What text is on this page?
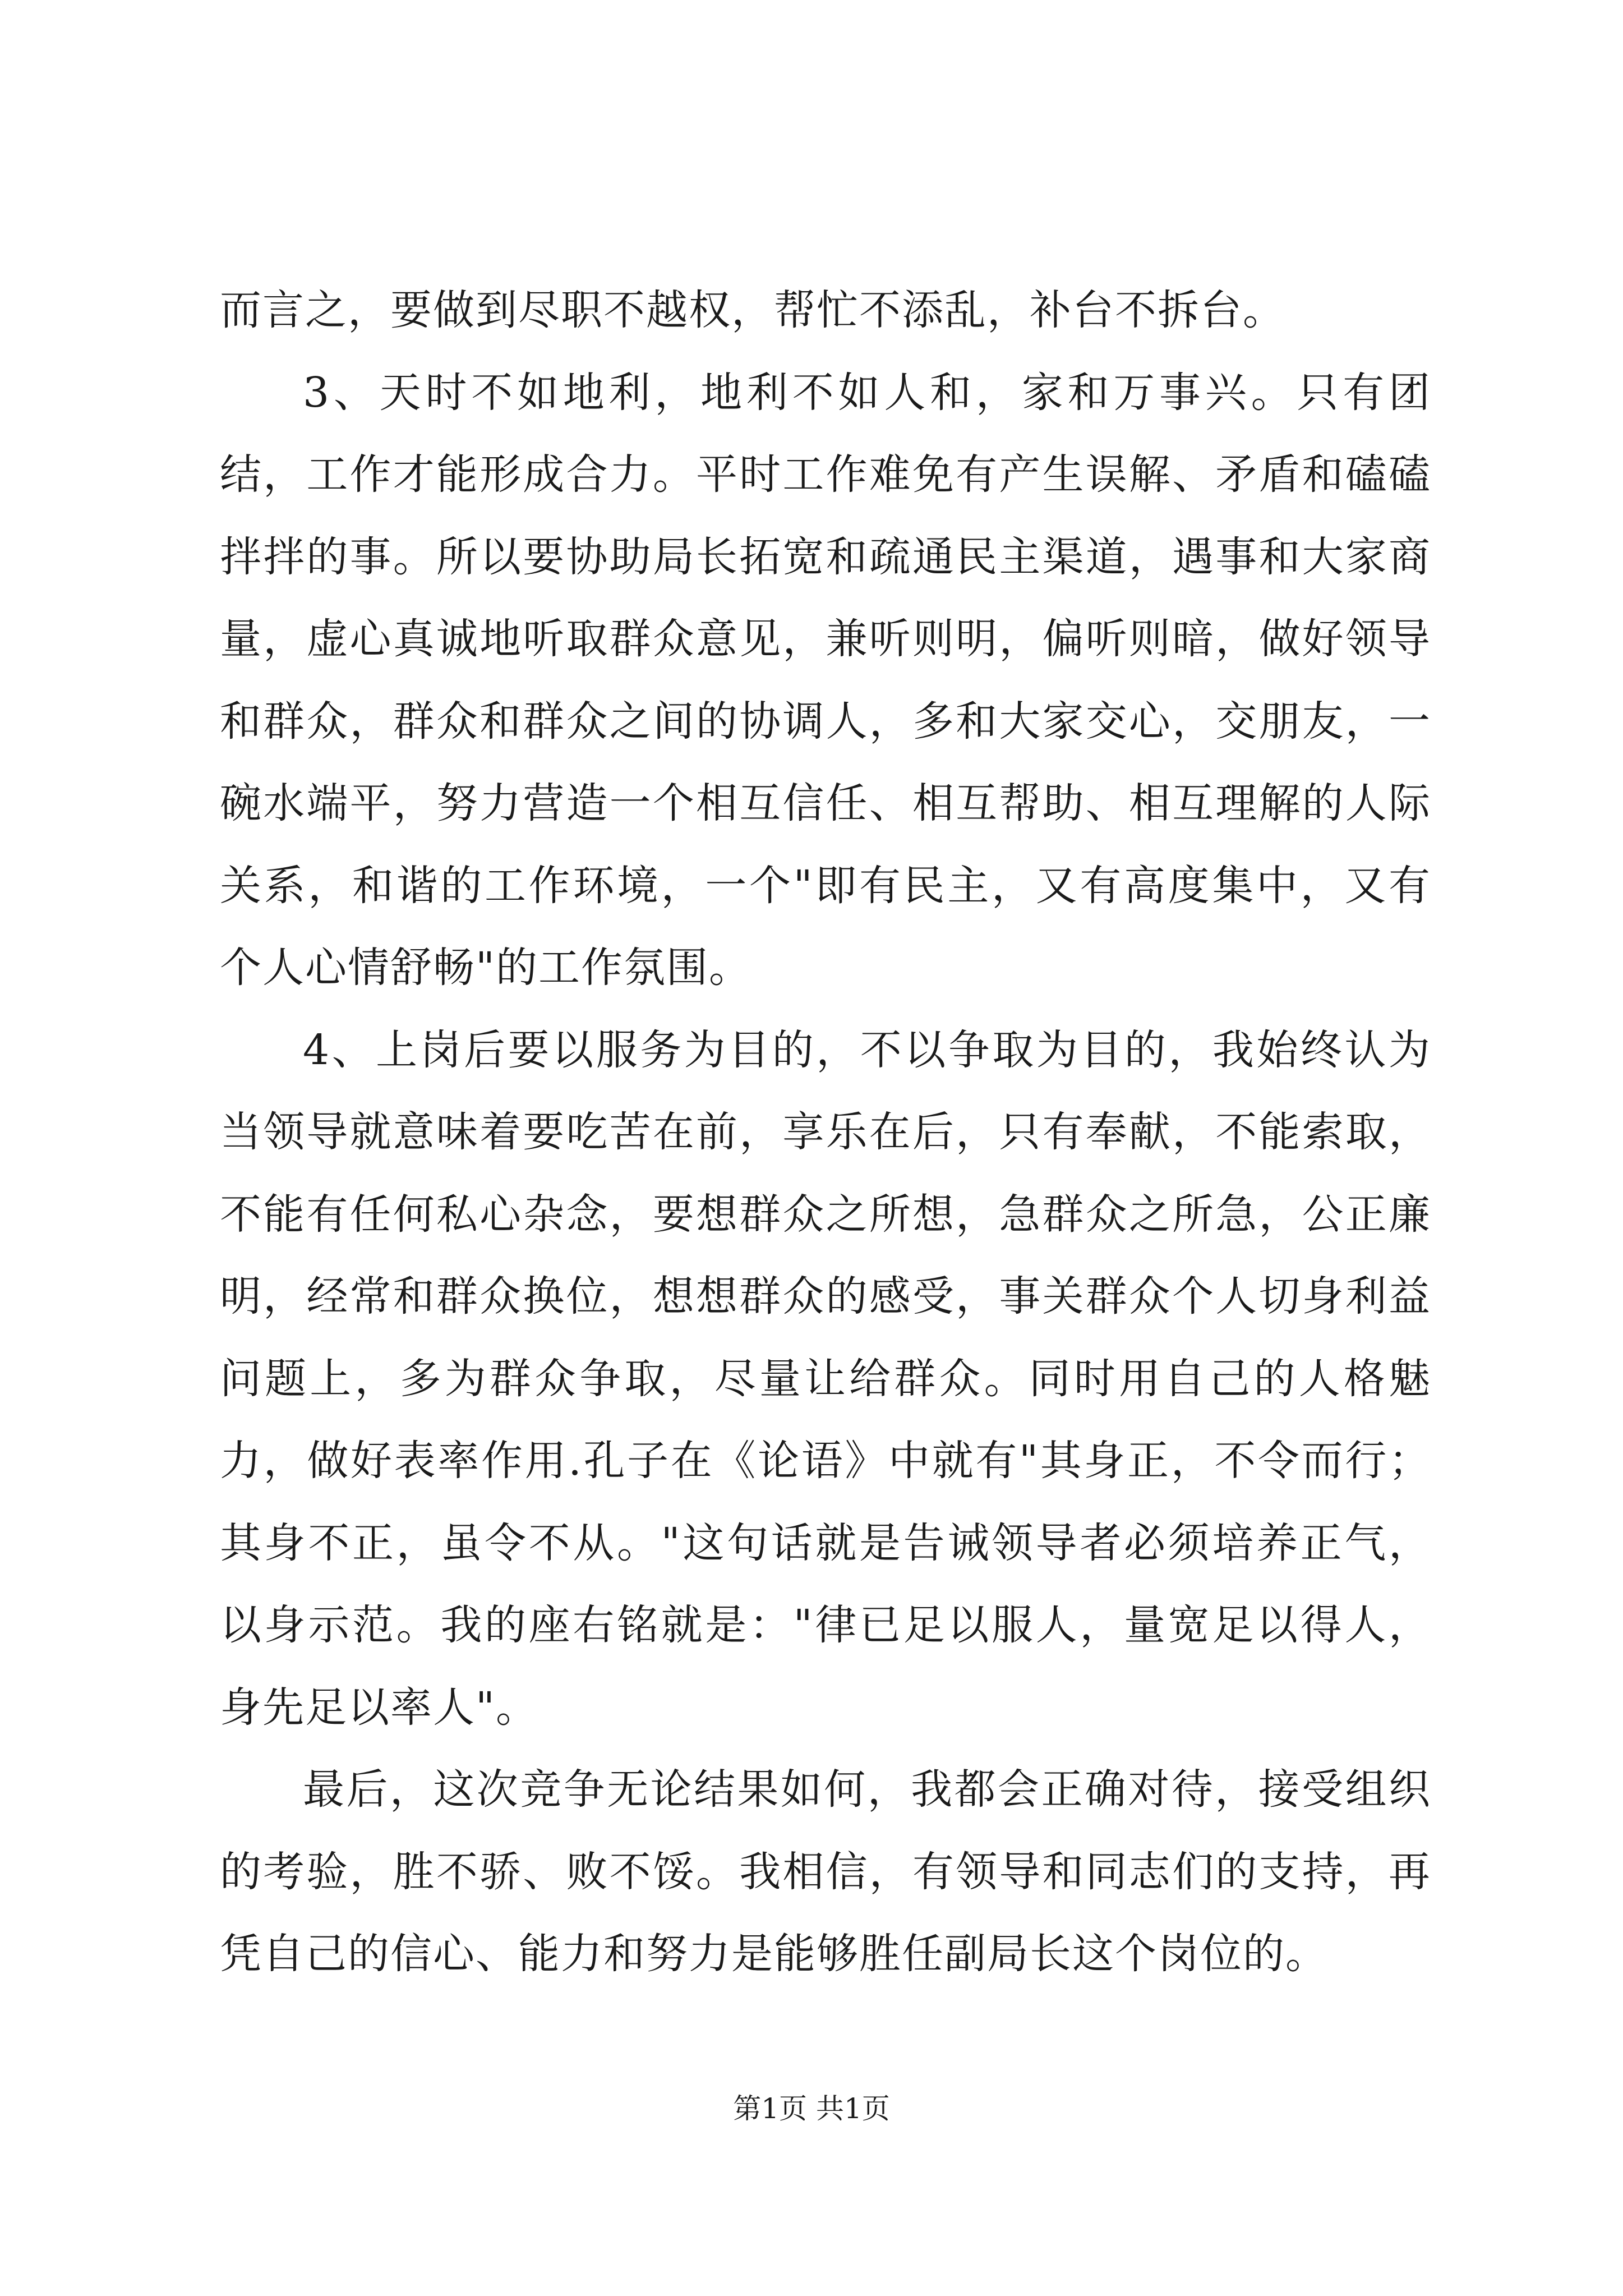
而言之，要做到尽职不越权，帮忙不添乱，补台不拆台。

3、天时不如地利，地利不如人和，家和万事兴。只有团结，工作才能形成合力。平时工作难免有产生误解、矛盾和磕磕拌拌的事。所以要协助局长拓宽和疏通民主渠道，遇事和大家商量，虚心真诚地听取群众意见，兼听则明，偏听则暗，做好领导和群众，群众和群众之间的协调人，多和大家交心，交朋友，一碗水端平，努力营造一个相互信任、相互帮助、相互理解的人际关系，和谐的工作环境，一个"即有民主，又有高度集中，又有个人心情舒畅"的工作氛围。

4、上岗后要以服务为目的，不以争取为目的，我始终认为当领导就意味着要吃苦在前，享乐在后，只有奉献，不能索取，不能有任何私心杂念，要想群众之所想，急群众之所急，公正廉明，经常和群众换位，想想群众的感受，事关群众个人切身利益问题上，多为群众争取，尽量让给群众。同时用自己的人格魅力，做好表率作用.孔子在《论语》中就有"其身正，不令而行；其身不正，虽令不从。"这句话就是告诫领导者必须培养正气，以身示范。我的座右铭就是："律已足以服人，量宽足以得人，身先足以率人"。

最后，这次竞争无论结果如何，我都会正确对待，接受组织的考验，胜不骄、败不馁。我相信，有领导和同志们的支持，再凭自己的信心、能力和努力是能够胜任副局长这个岗位的。

第1页 共1页
